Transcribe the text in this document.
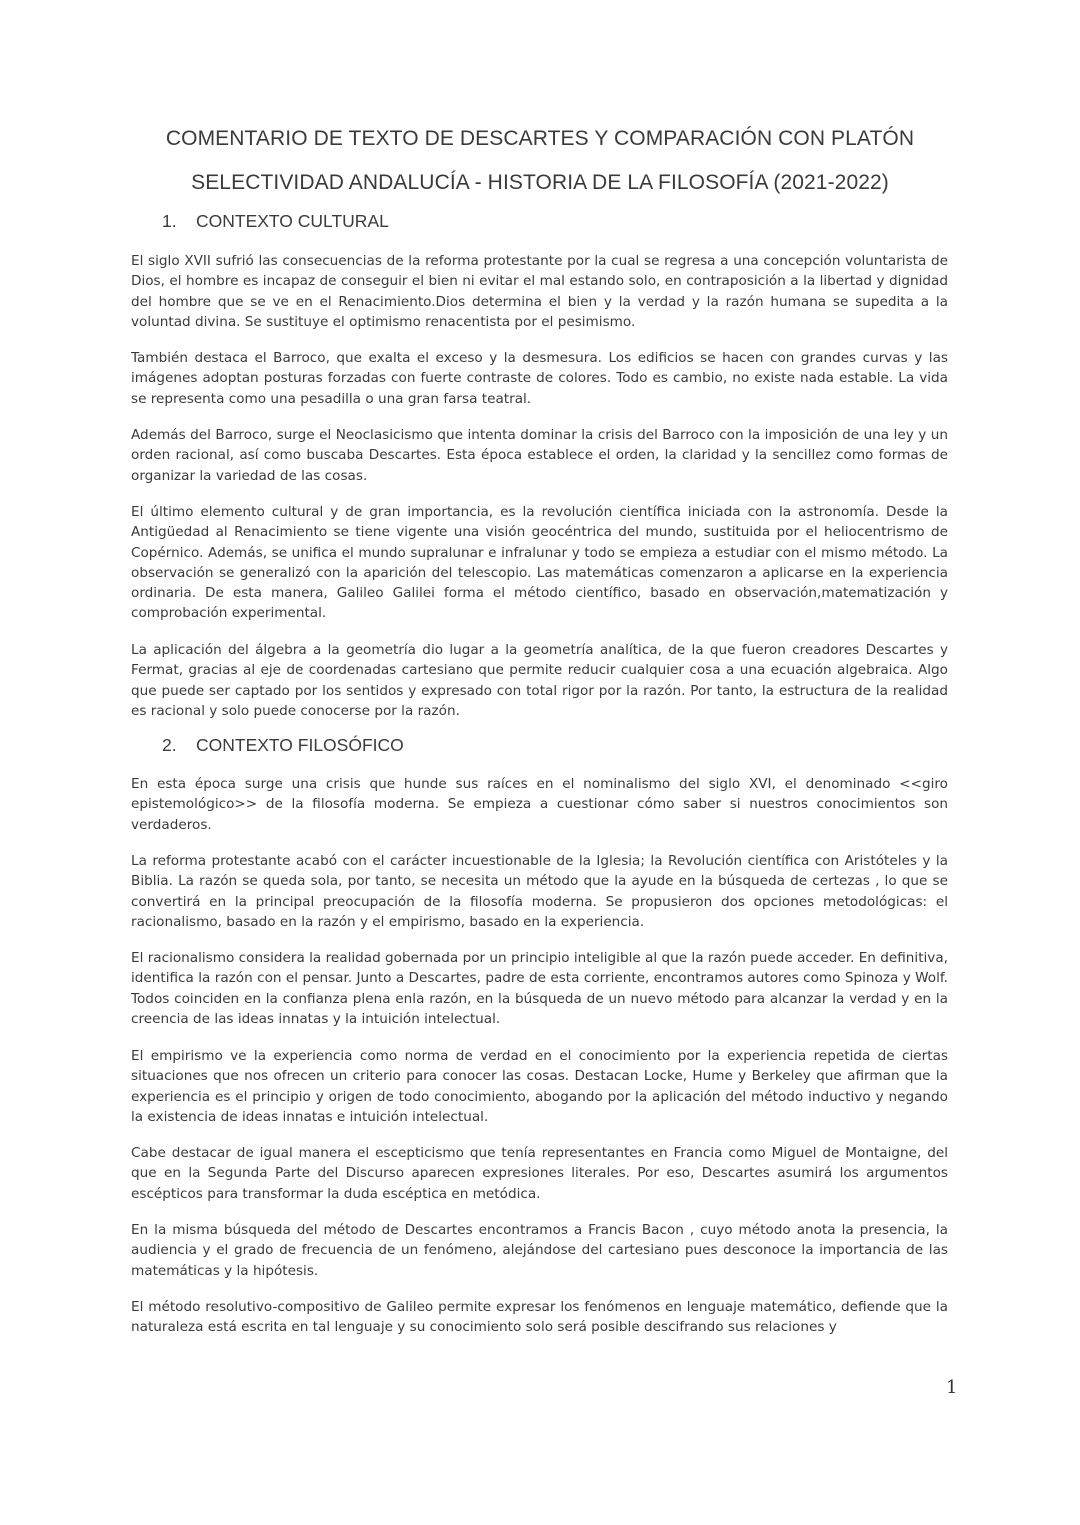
COMENTARIO DE TEXTO DE DESCARTES Y COMPARACIÓN CON PLATÓN
SELECTIVIDAD ANDALUCÍA - HISTORIA DE LA FILOSOFÍA (2021-2022)
1. CONTEXTO CULTURAL

El siglo XVII sufrió las consecuencias de la reforma protestante por la cual se regresa a una concepción voluntarista de Dios, el hombre es incapaz de conseguir el bien ni evitar el mal estando solo, en contraposición a la libertad y dignidad del hombre que se ve en el Renacimiento.Dios determina el bien y la verdad y la razón humana se supedita a la voluntad divina. Se sustituye el optimismo renacentista por el pesimismo.

También destaca el Barroco, que exalta el exceso y la desmesura. Los edificios se hacen con grandes curvas y las imágenes adoptan posturas forzadas con fuerte contraste de colores. Todo es cambio, no existe nada estable. La vida se representa como una pesadilla o una gran farsa teatral.

Además del Barroco, surge el Neoclasicismo que intenta dominar la crisis del Barroco con la imposición de una ley y un orden racional, así como buscaba Descartes. Esta época establece el orden, la claridad y la sencillez como formas de organizar la variedad de las cosas.

El último elemento cultural y de gran importancia, es la revolución científica iniciada con la astronomía. Desde la Antigüedad al Renacimiento se tiene vigente una visión geocéntrica del mundo, sustituida por el heliocentrismo de Copérnico. Además, se unifica el mundo supralunar e infralunar y todo se empieza a estudiar con el mismo método. La observación se generalizó con la aparición del telescopio. Las matemáticas comenzaron a aplicarse en la experiencia ordinaria. De esta manera, Galileo Galilei forma el método científico, basado en observación,matematización y comprobación experimental.

La aplicación del álgebra a la geometría dio lugar a la geometría analítica, de la que fueron creadores Descartes y Fermat, gracias al eje de coordenadas cartesiano que permite reducir cualquier cosa a una ecuación algebraica. Algo que puede ser captado por los sentidos y expresado con total rigor por la razón. Por tanto, la estructura de la realidad es racional y solo puede conocerse por la razón.

2. CONTEXTO FILOSÓFICO

En esta época surge una crisis que hunde sus raíces en el nominalismo del siglo XVI, el denominado <<giro epistemológico>> de la filosofía moderna. Se empieza a cuestionar cómo saber si nuestros conocimientos son verdaderos.

La reforma protestante acabó con el carácter incuestionable de la Iglesia; la Revolución científica con Aristóteles y la Biblia. La razón se queda sola, por tanto, se necesita un método que la ayude en la búsqueda de certezas , lo que se convertirá en la principal preocupación de la filosofía moderna. Se propusieron dos opciones metodológicas: el racionalismo, basado en la razón y el empirismo, basado en la experiencia.

El racionalismo considera la realidad gobernada por un principio inteligible al que la razón puede acceder. En definitiva, identifica la razón con el pensar. Junto a Descartes, padre de esta corriente, encontramos autores como Spinoza y Wolf. Todos coinciden en la confianza plena enla razón, en la búsqueda de un nuevo método para alcanzar la verdad y en la creencia de las ideas innatas y la intuición intelectual.

El empirismo ve la experiencia como norma de verdad en el conocimiento por la experiencia repetida de ciertas situaciones que nos ofrecen un criterio para conocer las cosas. Destacan Locke, Hume y Berkeley que afirman que la experiencia es el principio y origen de todo conocimiento, abogando por la aplicación del método inductivo y negando la existencia de ideas innatas e intuición intelectual.

Cabe destacar de igual manera el escepticismo que tenía representantes en Francia como Miguel de Montaigne, del que en la Segunda Parte del Discurso aparecen expresiones literales. Por eso, Descartes asumirá los argumentos escépticos para transformar la duda escéptica en metódica.

En la misma búsqueda del método de Descartes encontramos a Francis Bacon , cuyo método anota la presencia, la audiencia y el grado de frecuencia de un fenómeno, alejándose del cartesiano pues desconoce la importancia de las matemáticas y la hipótesis.

El método resolutivo-compositivo de Galileo permite expresar los fenómenos en lenguaje matemático, defiende que la naturaleza está escrita en tal lenguaje y su conocimiento solo será posible descifrando sus relaciones y

1
